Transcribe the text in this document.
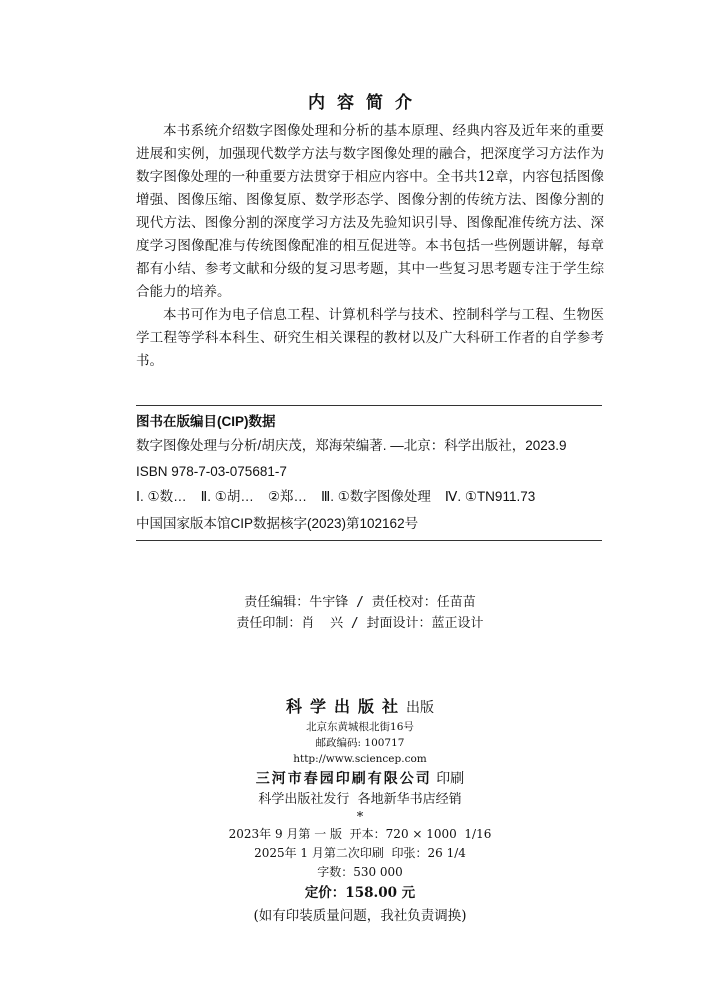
内容简介

本书系统介绍数字图像处理和分析的基本原理、经典内容及近年来的重要进展和实例，加强现代数学方法与数字图像处理的融合，把深度学习方法作为数字图像处理的一种重要方法贯穿于相应内容中。全书共12章，内容包括图像增强、图像压缩、图像复原、数学形态学、图像分割的传统方法、图像分割的现代方法、图像分割的深度学习方法及先验知识引导、图像配准传统方法、深度学习图像配准与传统图像配准的相互促进等。本书包括一些例题讲解，每章都有小结、参考文献和分级的复习思考题，其中一些复习思考题专注于学生综合能力的培养。

本书可作为电子信息工程、计算机科学与技术、控制科学与工程、生物医学工程等学科本科生、研究生相关课程的教材以及广大科研工作者的自学参考书。

图书在版编目(CIP)数据
数字图像处理与分析/胡庆茂，郑海荣编著. —北京：科学出版社，2023.9
ISBN 978-7-03-075681-7
Ⅰ. ①数… Ⅱ. ①胡… ②郑… Ⅲ. ①数字图像处理 Ⅳ. ①TN911.73
中国国家版本馆CIP数据核字(2023)第102162号
责任编辑：牛宇锋 / 责任校对：任苗苗
责任印制：肖  兴 / 封面设计：蓝正设计
科学出版社出版
北京东黄城根北街16号
邮政编码: 100717
http://www.sciencep.com
三河市春园印刷有限公司 印刷
科学出版社发行  各地新华书店经销
*
2023年 9 月第 一 版  开本：720 × 1000  1/16
2025年 1 月第二次印刷  印张：26 1/4
字数：530 000
定价：158.00 元
(如有印装质量问题，我社负责调换)
